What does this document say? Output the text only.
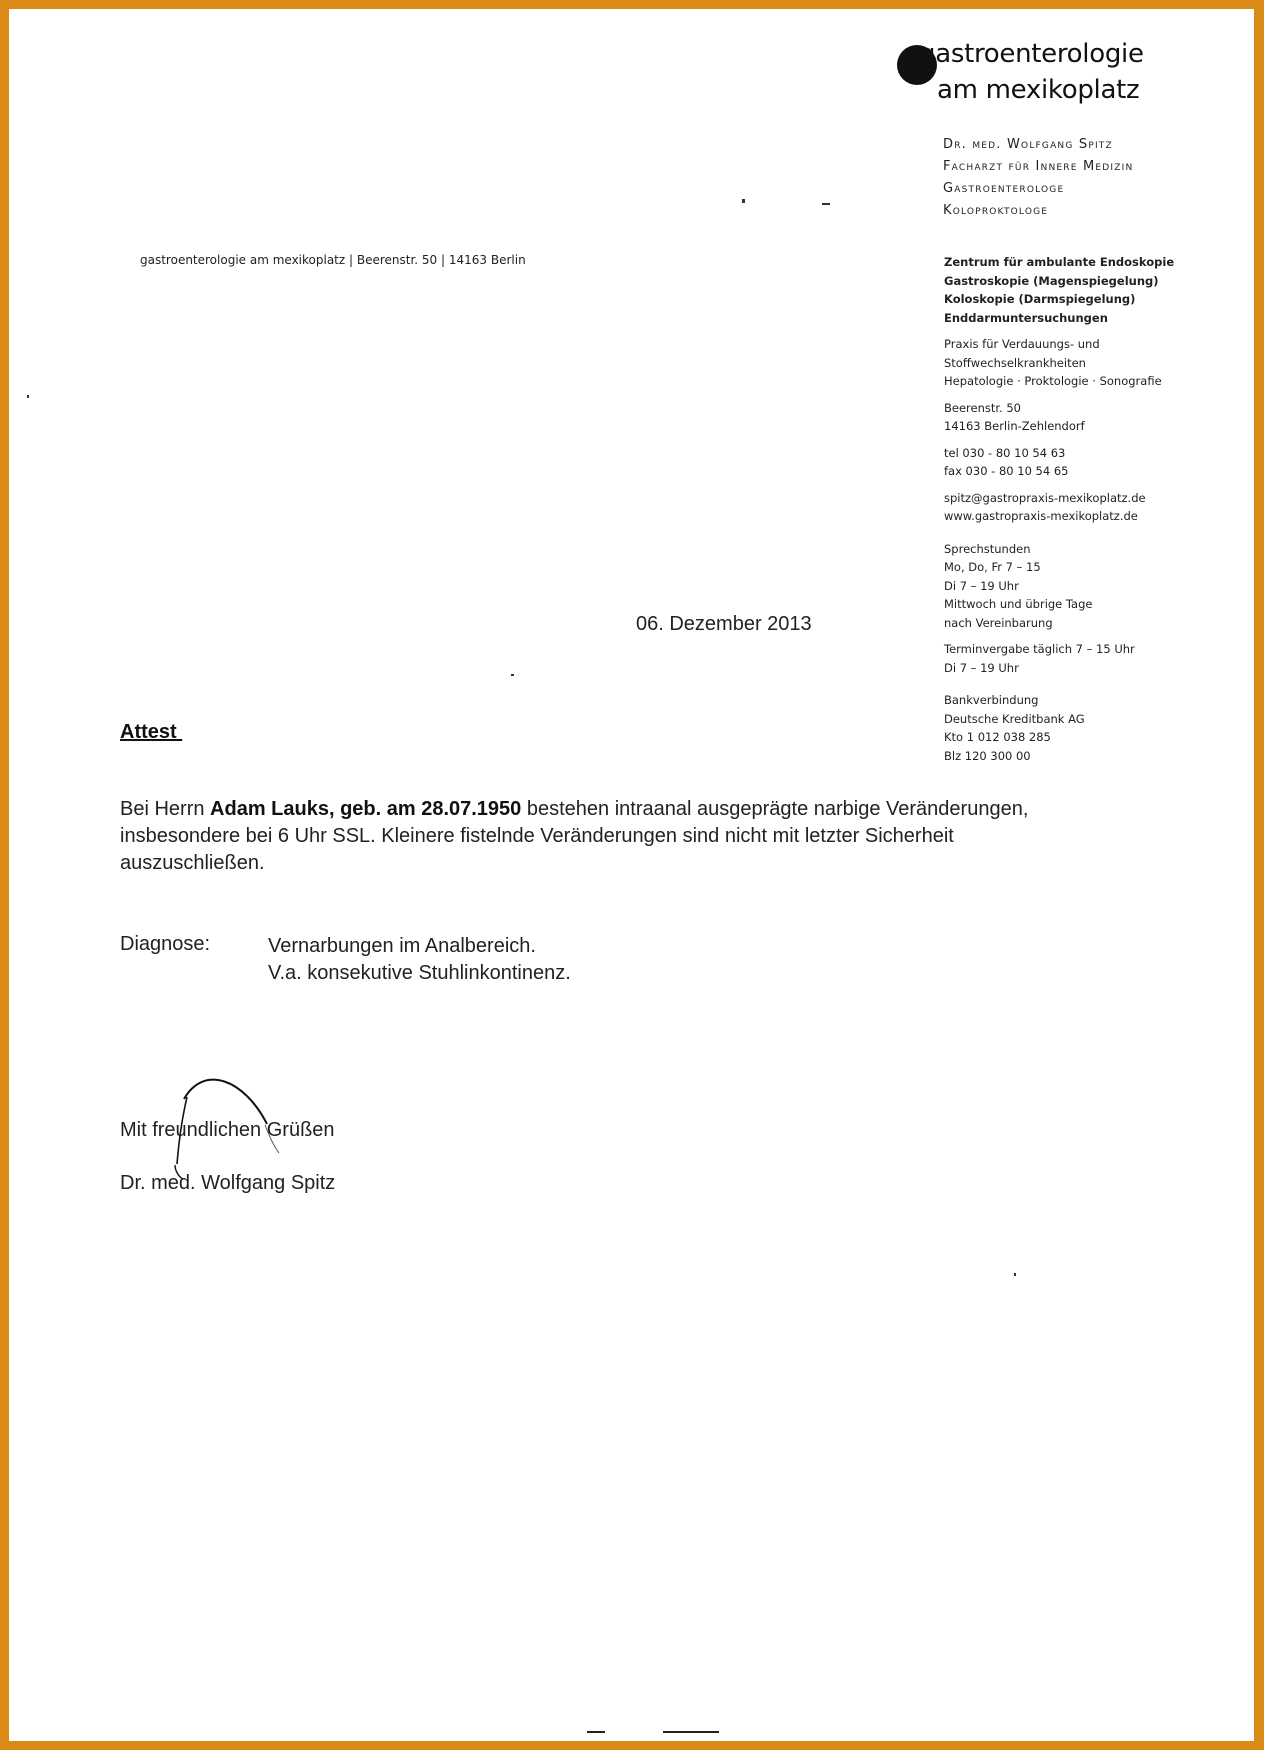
gastroenterologie
am mexikoplatz
Dr. med. Wolfgang Spitz
Facharzt für Innere Medizin
Gastroenterologe
Koloproktologe
gastroenterologie am mexikoplatz | Beerenstr. 50 | 14163 Berlin	Zentrum für ambulante Endoskopie
Gastroskopie (Magenspiegelung)
Koloskopie (Darmspiegelung)
Enddarmuntersuchungen
Praxis für Verdauungs- und
Stoffwechselkrankheiten
Hepatologie · Proktologie · Sonografie
Beerenstr. 50
14163 Berlin-Zehlendorf
tel 030 - 80 10 54 63
fax 030 - 80 10 54 65
spitz@gastropraxis-mexikoplatz.de
www.gastropraxis-mexikoplatz.de
Sprechstunden
Mo, Do, Fr 7 – 15
Di 7 – 19 Uhr
Mittwoch und übrige Tage
nach Vereinbarung
Terminvergabe täglich 7 – 15 Uhr
Di 7 – 19 Uhr
Bankverbindung
Deutsche Kreditbank AG
Kto 1 012 038 285
Blz 120 300 00
06. Dezember 2013
Attest
Bei Herrn Adam Lauks, geb. am 28.07.1950 bestehen intraanal ausgeprägte narbige Veränderungen, insbesondere bei 6 Uhr SSL. Kleinere fistelnde Veränderungen sind nicht mit letzter Sicherheit auszuschließen.
Diagnose:	Vernarbungen im Analbereich.
V.a. konsekutive Stuhlinkontinenz.
Mit freundlichen Grüßen
Dr. med. Wolfgang Spitz
